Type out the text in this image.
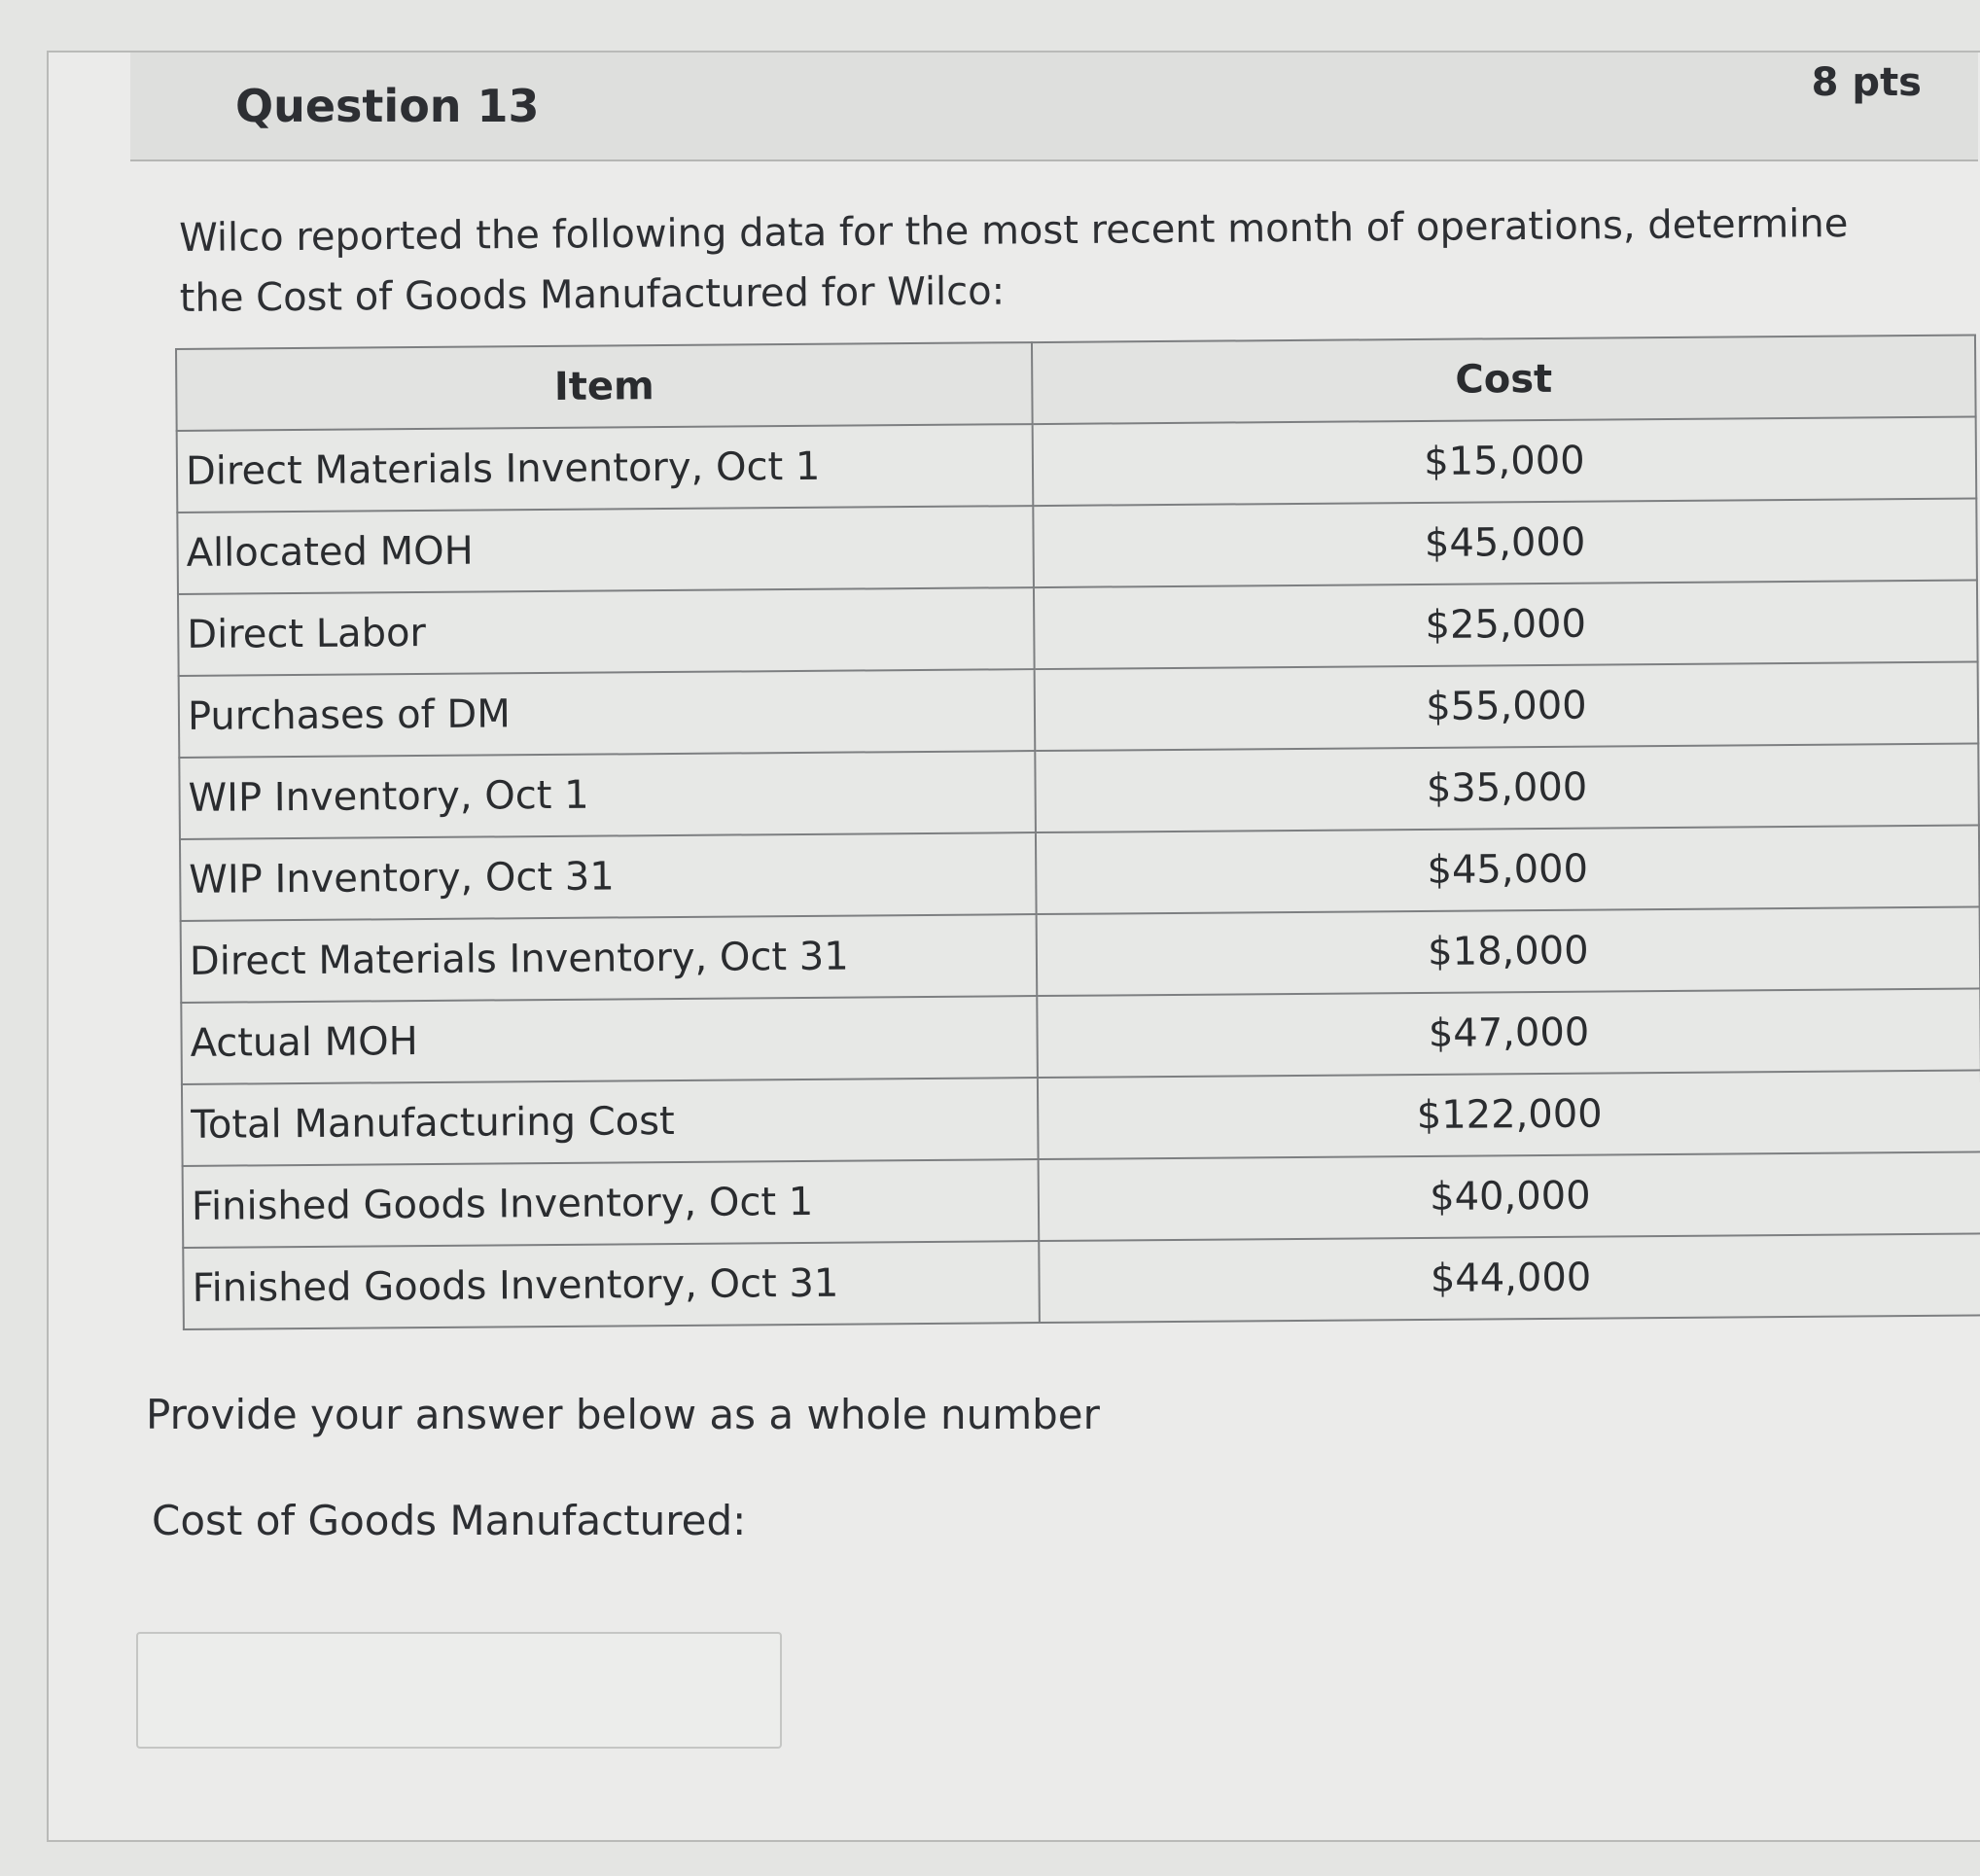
Question 13	8 pts

Wilco reported the following data for the most recent month of operations, determine the Cost of Goods Manufactured for Wilco:

Item	Cost
Direct Materials Inventory, Oct 1	$15,000
Allocated MOH	$45,000
Direct Labor	$25,000
Purchases of DM	$55,000
WIP Inventory, Oct 1	$35,000
WIP Inventory, Oct 31	$45,000
Direct Materials Inventory, Oct 31	$18,000
Actual MOH	$47,000
Total Manufacturing Cost	$122,000
Finished Goods Inventory, Oct 1	$40,000
Finished Goods Inventory, Oct 31	$44,000
Provide your answer below as a whole number
Cost of Goods Manufactured:
